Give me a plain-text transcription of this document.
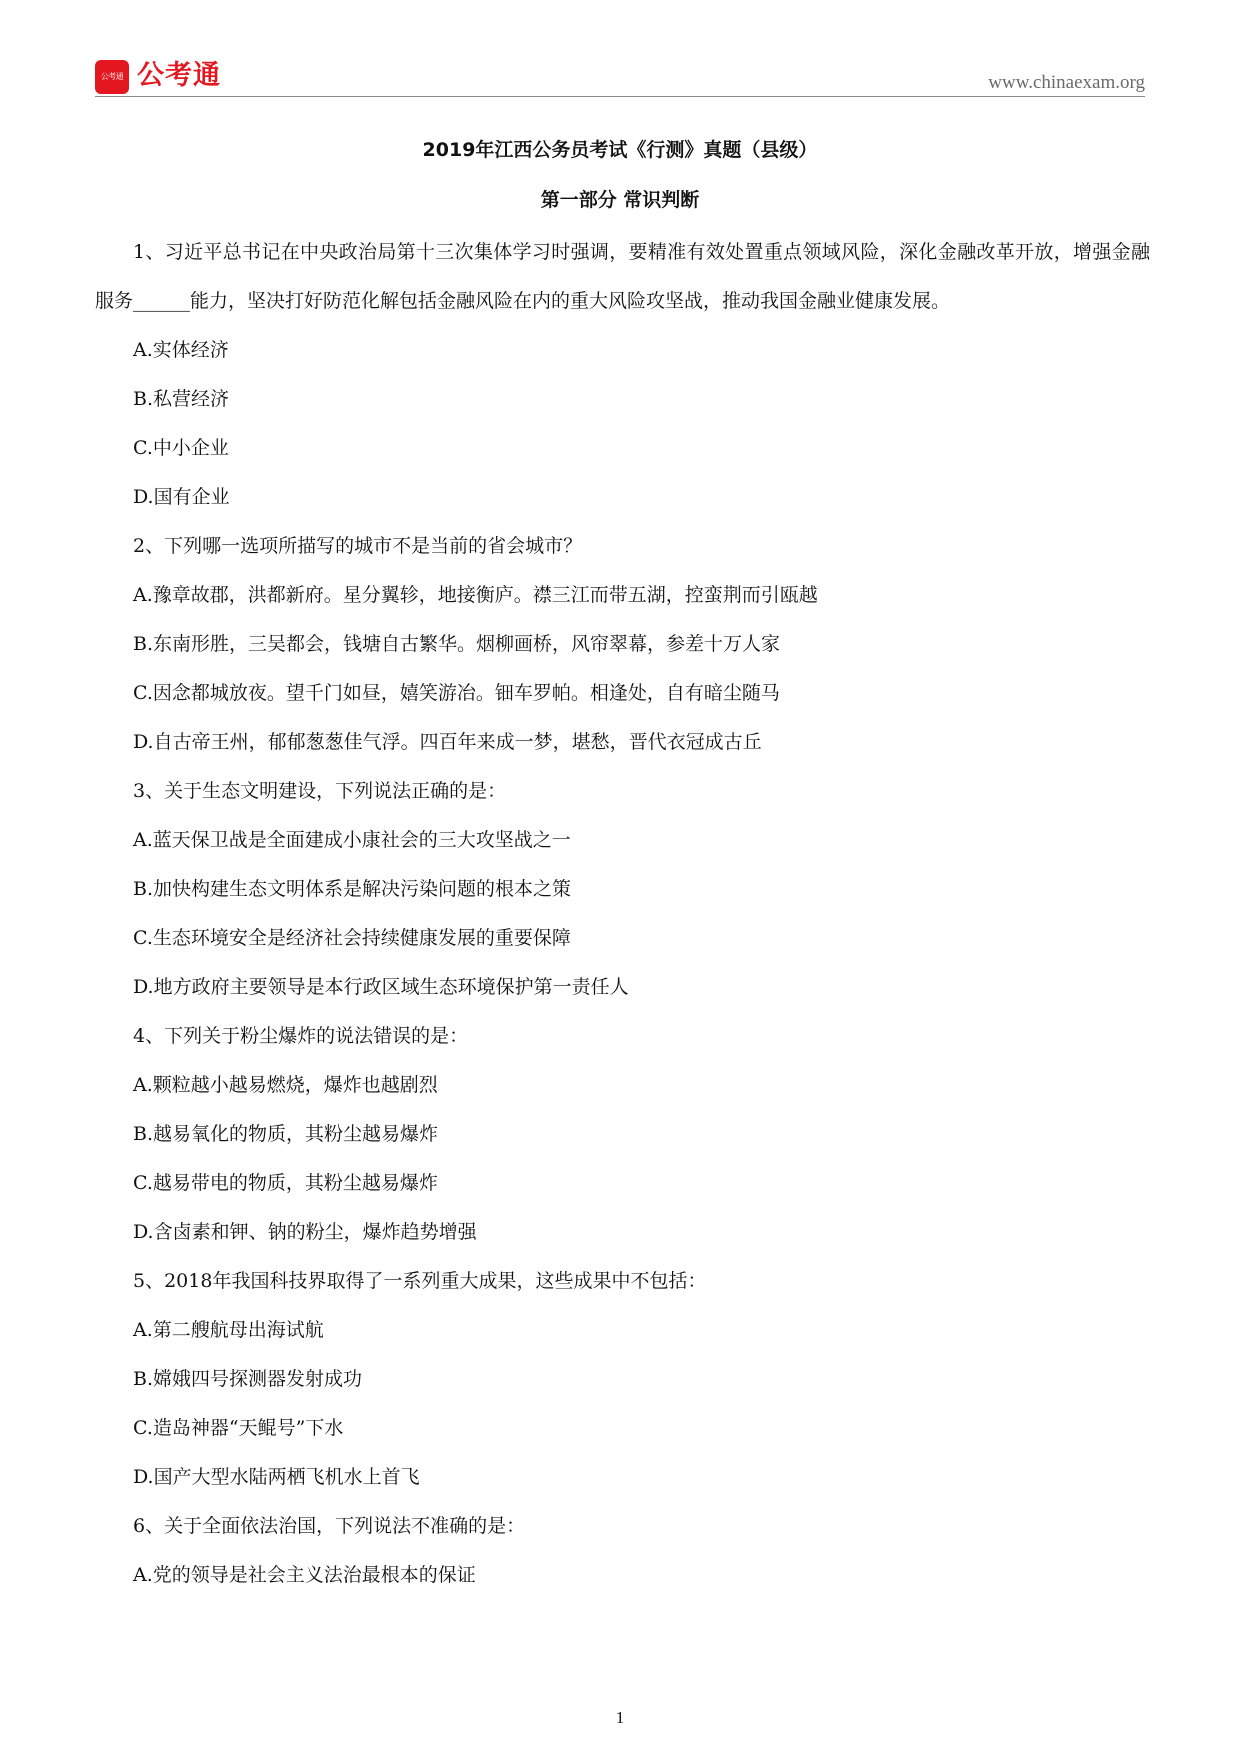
公考通 公考通	www.chinaexam.org
2019年江西公务员考试《行测》真题（县级）
第一部分 常识判断

1、习近平总书记在中央政治局第十三次集体学习时强调，要精准有效处置重点领域风险，深化金融改革开放，增强金融服务______能力，坚决打好防范化解包括金融风险在内的重大风险攻坚战，推动我国金融业健康发展。

A.实体经济

B.私营经济

C.中小企业

D.国有企业

2、下列哪一选项所描写的城市不是当前的省会城市？

A.豫章故郡，洪都新府。星分翼轸，地接衡庐。襟三江而带五湖，控蛮荆而引瓯越

B.东南形胜，三吴都会，钱塘自古繁华。烟柳画桥，风帘翠幕，参差十万人家

C.因念都城放夜。望千门如昼，嬉笑游冶。钿车罗帕。相逢处，自有暗尘随马

D.自古帝王州，郁郁葱葱佳气浮。四百年来成一梦，堪愁，晋代衣冠成古丘

3、关于生态文明建设，下列说法正确的是：

A.蓝天保卫战是全面建成小康社会的三大攻坚战之一

B.加快构建生态文明体系是解决污染问题的根本之策

C.生态环境安全是经济社会持续健康发展的重要保障

D.地方政府主要领导是本行政区域生态环境保护第一责任人

4、下列关于粉尘爆炸的说法错误的是：

A.颗粒越小越易燃烧，爆炸也越剧烈

B.越易氧化的物质，其粉尘越易爆炸

C.越易带电的物质，其粉尘越易爆炸

D.含卤素和钾、钠的粉尘，爆炸趋势增强

5、2018年我国科技界取得了一系列重大成果，这些成果中不包括：

A.第二艘航母出海试航

B.嫦娥四号探测器发射成功

C.造岛神器“天鲲号”下水

D.国产大型水陆两栖飞机水上首飞

6、关于全面依法治国，下列说法不准确的是：

A.党的领导是社会主义法治最根本的保证

1
